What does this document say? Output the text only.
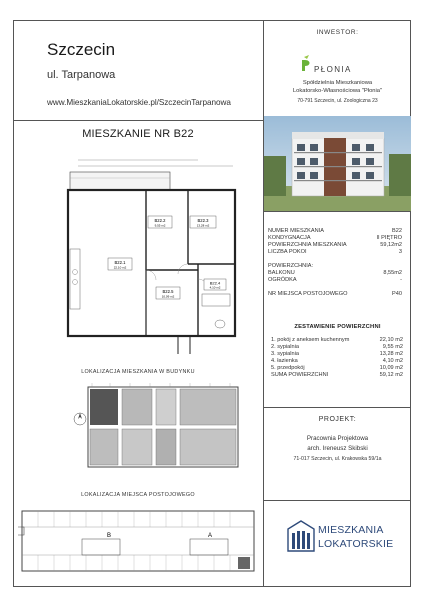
Szczecin
ul. Tarpanowa
www.MieszkaniaLokatorskie.pl/SzczecinTarpanowa
INWESTOR:
PŁONIA
Spółdzielnia Mieszkaniowa
Lokatorsko-Własnościowa "Płonia"
70-791 Szczecin, ul. Zoologiczna 23
MIESZKANIE NR B22
B22.1
22,10 m2
B22.2
9,55 m2
B22.3
13,28 m2
B22.4
4,10 m2
B22.5
10,09 m2
NUMER MIESZKANIA	B22
KONDYGNACJA	II PIĘTRO
POWIERZCHNIA MIESZKANIA	59,12m2
LICZBA POKOI	3
POWIERZCHNIA:
BALKONU	8,55m2
OGRÓDKA	-
NR MIEJSCA POSTOJOWEGO	P40
ZESTAWIENIE POWIERZCHNI
1. pokój z aneksem kuchennym	22,10 m2
2. sypialnia	9,55 m2
3. sypialnia	13,28 m2
4. łazienka	4,10 m2
5. przedpokój	10,09 m2
SUMA POWIERZCHNI	59,12 m2
PROJEKT:
Pracownia Projektowa
arch. Ireneusz Skibski
71-017 Szczecin, ul. Krakowska 59/1a
MIESZKANIA
LOKATORSKIE
LOKALIZACJA MIESZKANIA W BUDYNKU
LOKALIZACJA MIEJSCA POSTOJOWEGO
B	A
